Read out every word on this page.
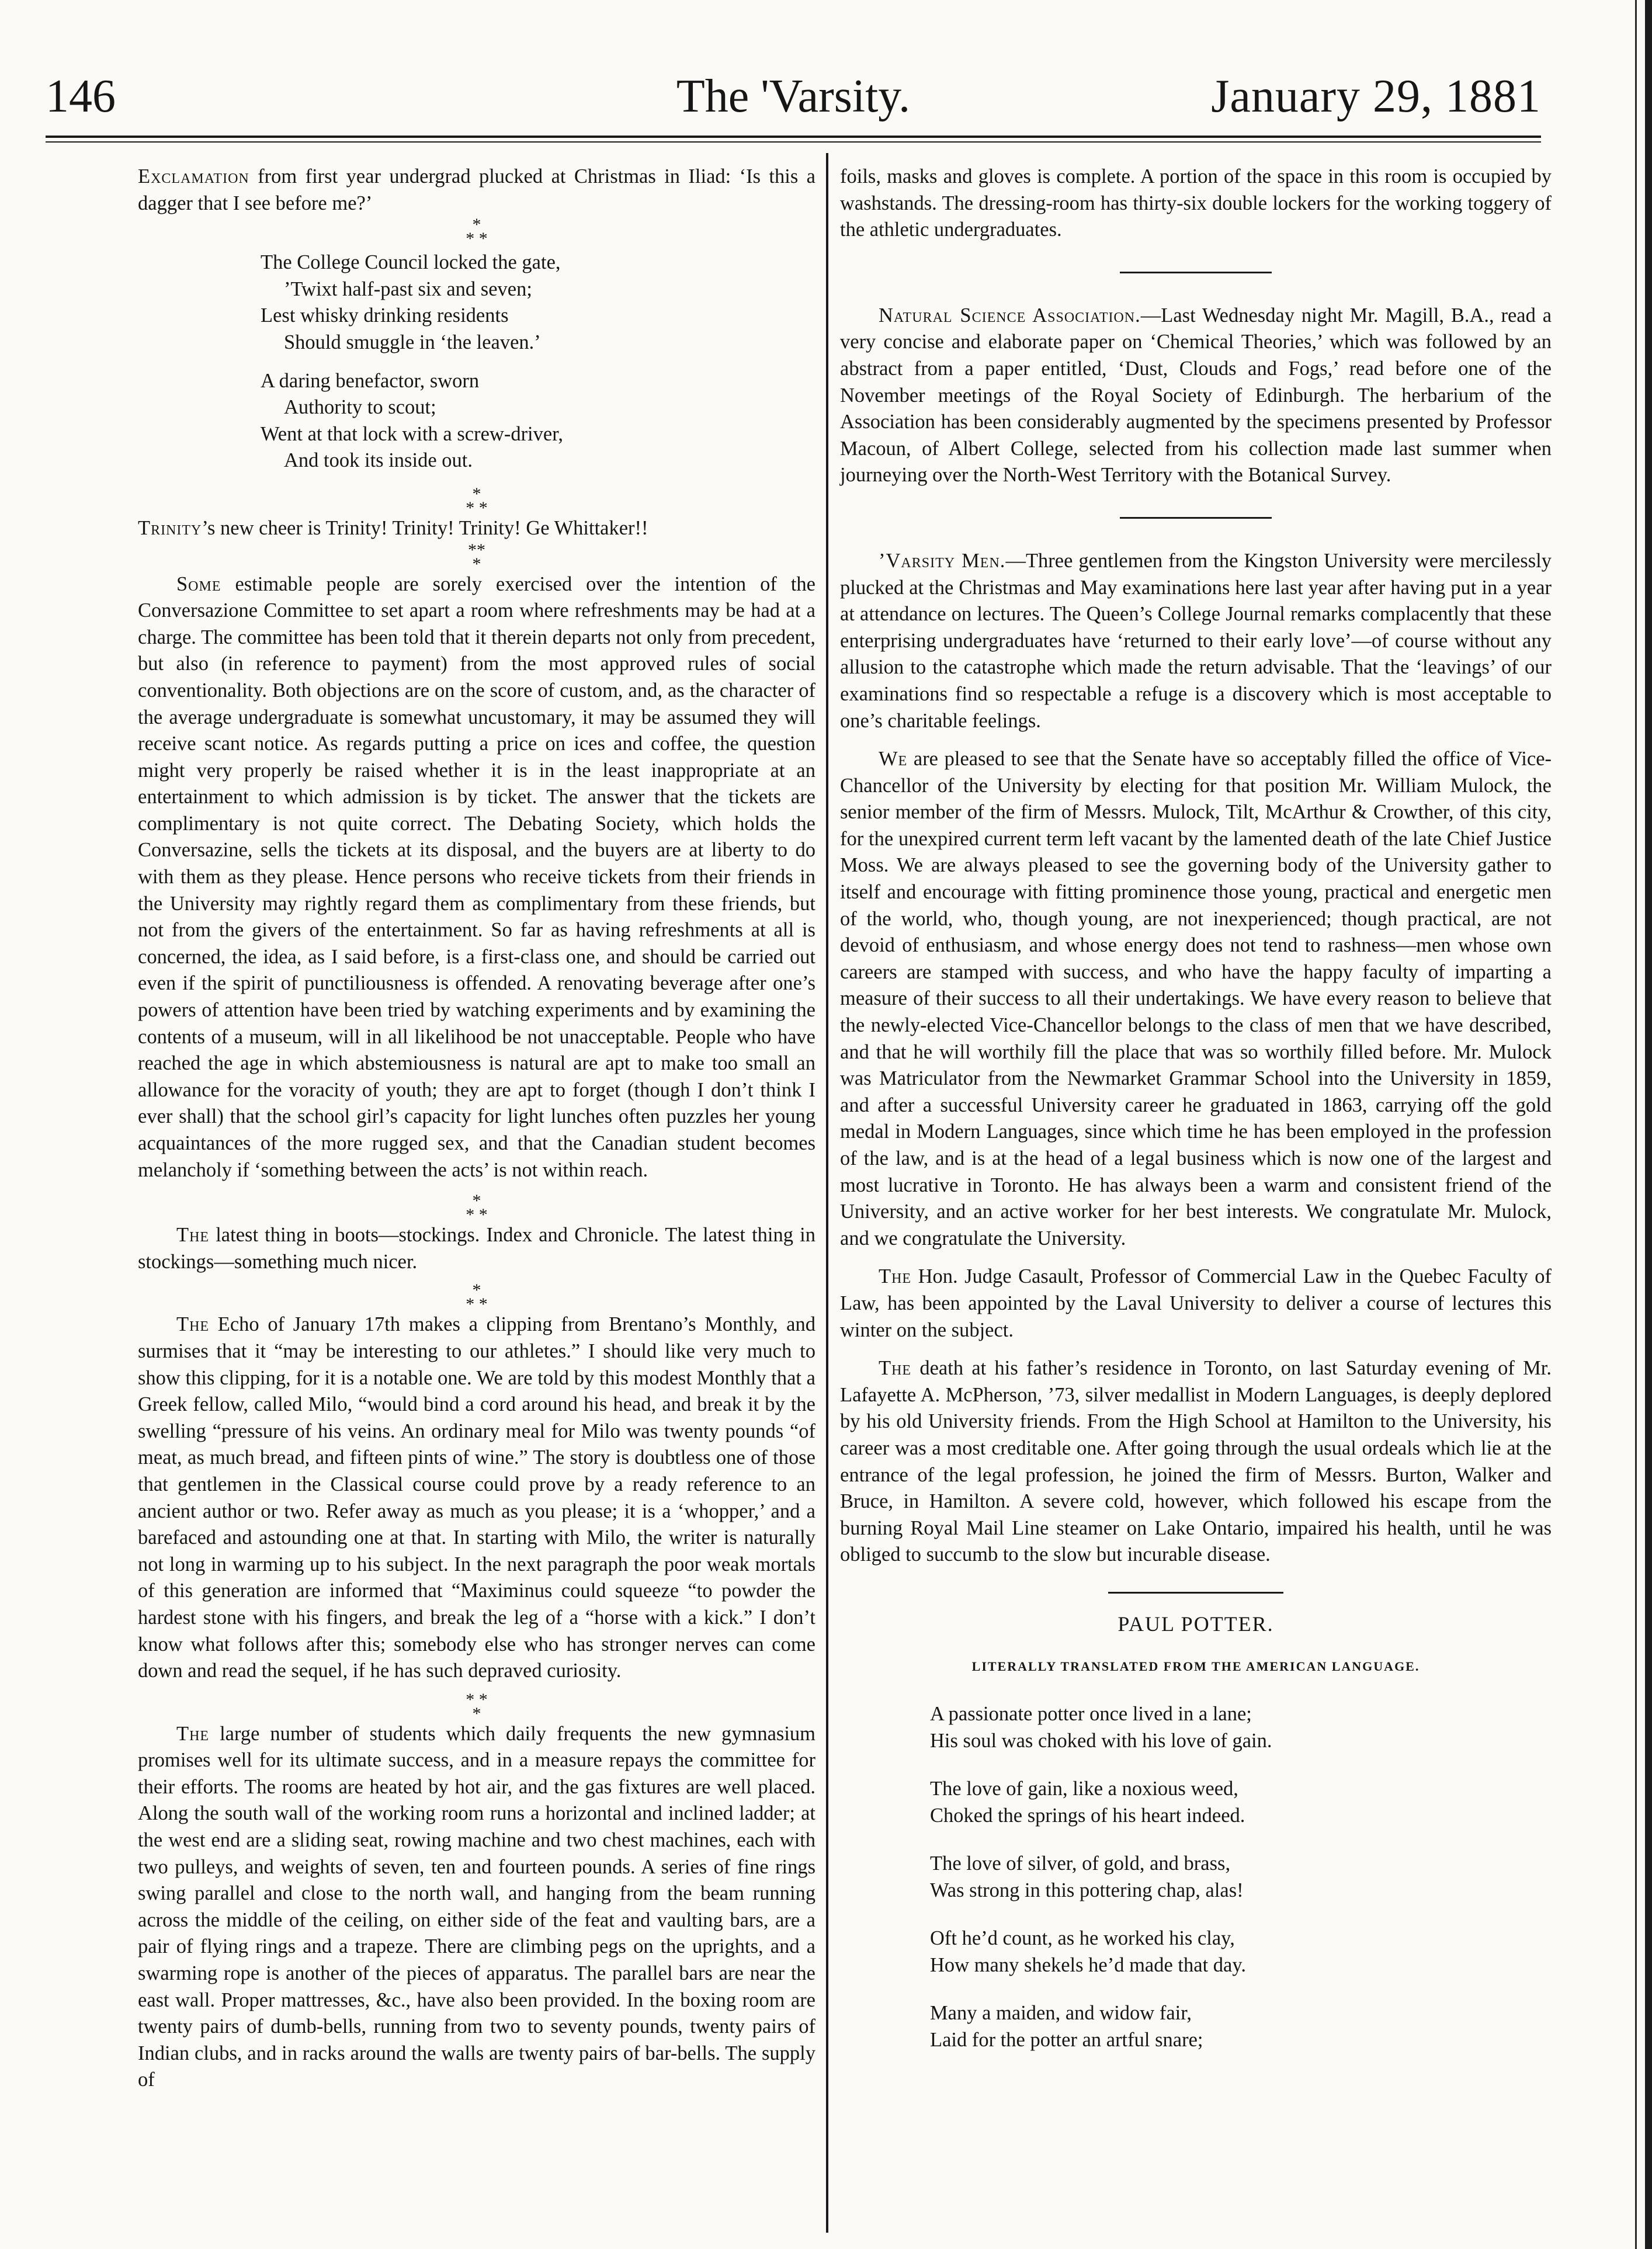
146	The 'Varsity.	January 29, 1881

Exclamation from first year undergrad plucked at Christmas in Iliad: ‘Is this a dagger that I see before me?’

*
* *
The College Council locked the gate,
’Twixt half-past six and seven;
Lest whisky drinking residents
Should smuggle in ‘the leaven.’
A daring benefactor, sworn
Authority to scout;
Went at that lock with a screw-driver,
And took its inside out.
*
* *

Trinity’s new cheer is Trinity! Trinity! Trinity! Ge Whittaker!!

**
*

Some estimable people are sorely exercised over the intention of the Conversazione Committee to set apart a room where refreshments may be had at a charge. The committee has been told that it therein departs not only from precedent, but also (in reference to payment) from the most approved rules of social conventionality. Both objections are on the score of custom, and, as the character of the average undergraduate is somewhat uncustomary, it may be assumed they will receive scant notice. As regards putting a price on ices and coffee, the question might very properly be raised whether it is in the least inappropriate at an entertainment to which admission is by ticket. The answer that the tickets are complimentary is not quite correct. The Debating Society, which holds the Conversazine, sells the tickets at its disposal, and the buyers are at liberty to do with them as they please. Hence persons who receive tickets from their friends in the University may rightly regard them as complimentary from these friends, but not from the givers of the entertainment. So far as having refreshments at all is concerned, the idea, as I said before, is a first-class one, and should be carried out even if the spirit of punctiliousness is offended. A renovating beverage after one’s powers of attention have been tried by watching experiments and by examining the contents of a museum, will in all likelihood be not unacceptable. People who have reached the age in which abstemiousness is natural are apt to make too small an allowance for the voracity of youth; they are apt to forget (though I don’t think I ever shall) that the school girl’s capacity for light lunches often puzzles her young acquaintances of the more rugged sex, and that the Canadian student becomes melancholy if ‘something between the acts’ is not within reach.

*
* *

The latest thing in boots—stockings. Index and Chronicle. The latest thing in stockings—something much nicer.

*
* *

The Echo of January 17th makes a clipping from Brentano’s Monthly, and surmises that it “may be interesting to our athletes.” I should like very much to show this clipping, for it is a notable one. We are told by this modest Monthly that a Greek fellow, called Milo, “would bind a cord around his head, and break it by the swelling “pressure of his veins. An ordinary meal for Milo was twenty pounds “of meat, as much bread, and fifteen pints of wine.” The story is doubtless one of those that gentlemen in the Classical course could prove by a ready reference to an ancient author or two. Refer away as much as you please; it is a ‘whopper,’ and a barefaced and astounding one at that. In starting with Milo, the writer is naturally not long in warming up to his subject. In the next paragraph the poor weak mortals of this generation are informed that “Maximinus could squeeze “to powder the hardest stone with his fingers, and break the leg of a “horse with a kick.” I don’t know what follows after this; somebody else who has stronger nerves can come down and read the sequel, if he has such depraved curiosity.

* *
*

The large number of students which daily frequents the new gymnasium promises well for its ultimate success, and in a measure repays the committee for their efforts. The rooms are heated by hot air, and the gas fixtures are well placed. Along the south wall of the working room runs a horizontal and inclined ladder; at the west end are a sliding seat, rowing machine and two chest machines, each with two pulleys, and weights of seven, ten and fourteen pounds. A series of fine rings swing parallel and close to the north wall, and hanging from the beam running across the middle of the ceiling, on either side of the feat and vaulting bars, are a pair of flying rings and a trapeze. There are climbing pegs on the uprights, and a swarming rope is another of the pieces of apparatus. The parallel bars are near the east wall. Proper mattresses, &c., have also been provided. In the boxing room are twenty pairs of dumb-bells, running from two to seventy pounds, twenty pairs of Indian clubs, and in racks around the walls are twenty pairs of bar-bells. The supply of

foils, masks and gloves is complete. A portion of the space in this room is occupied by washstands. The dressing-room has thirty-six double lockers for the working toggery of the athletic undergraduates.

Natural Science Association.—Last Wednesday night Mr. Magill, B.A., read a very concise and elaborate paper on ‘Chemical Theories,’ which was followed by an abstract from a paper entitled, ‘Dust, Clouds and Fogs,’ read before one of the November meetings of the Royal Society of Edinburgh. The herbarium of the Association has been considerably augmented by the specimens presented by Professor Macoun, of Albert College, selected from his collection made last summer when journeying over the North-West Territory with the Botanical Survey.

’Varsity Men.—Three gentlemen from the Kingston University were mercilessly plucked at the Christmas and May examinations here last year after having put in a year at attendance on lectures. The Queen’s College Journal remarks complacently that these enterprising undergraduates have ‘returned to their early love’—of course without any allusion to the catastrophe which made the return advisable. That the ‘leavings’ of our examinations find so respectable a refuge is a discovery which is most acceptable to one’s charitable feelings.

We are pleased to see that the Senate have so acceptably filled the office of Vice-Chancellor of the University by electing for that position Mr. William Mulock, the senior member of the firm of Messrs. Mulock, Tilt, McArthur & Crowther, of this city, for the unexpired current term left vacant by the lamented death of the late Chief Justice Moss. We are always pleased to see the governing body of the University gather to itself and encourage with fitting prominence those young, practical and energetic men of the world, who, though young, are not inexperienced; though practical, are not devoid of enthusiasm, and whose energy does not tend to rashness—men whose own careers are stamped with success, and who have the happy faculty of imparting a measure of their success to all their undertakings. We have every reason to believe that the newly-elected Vice-Chancellor belongs to the class of men that we have described, and that he will worthily fill the place that was so worthily filled before. Mr. Mulock was Matriculator from the Newmarket Grammar School into the University in 1859, and after a successful University career he graduated in 1863, carrying off the gold medal in Modern Languages, since which time he has been employed in the profession of the law, and is at the head of a legal business which is now one of the largest and most lucrative in Toronto. He has always been a warm and consistent friend of the University, and an active worker for her best interests. We congratulate Mr. Mulock, and we congratulate the University.

The Hon. Judge Casault, Professor of Commercial Law in the Quebec Faculty of Law, has been appointed by the Laval University to deliver a course of lectures this winter on the subject.

The death at his father’s residence in Toronto, on last Saturday evening of Mr. Lafayette A. McPherson, ’73, silver medallist in Modern Languages, is deeply deplored by his old University friends. From the High School at Hamilton to the University, his career was a most creditable one. After going through the usual ordeals which lie at the entrance of the legal profession, he joined the firm of Messrs. Burton, Walker and Bruce, in Hamilton. A severe cold, however, which followed his escape from the burning Royal Mail Line steamer on Lake Ontario, impaired his health, until he was obliged to succumb to the slow but incurable disease.

PAUL POTTER.
LITERALLY TRANSLATED FROM THE AMERICAN LANGUAGE.
A passionate potter once lived in a lane;
His soul was choked with his love of gain.
The love of gain, like a noxious weed,
Choked the springs of his heart indeed.
The love of silver, of gold, and brass,
Was strong in this pottering chap, alas!
Oft he’d count, as he worked his clay,
How many shekels he’d made that day.
Many a maiden, and widow fair,
Laid for the potter an artful snare;
